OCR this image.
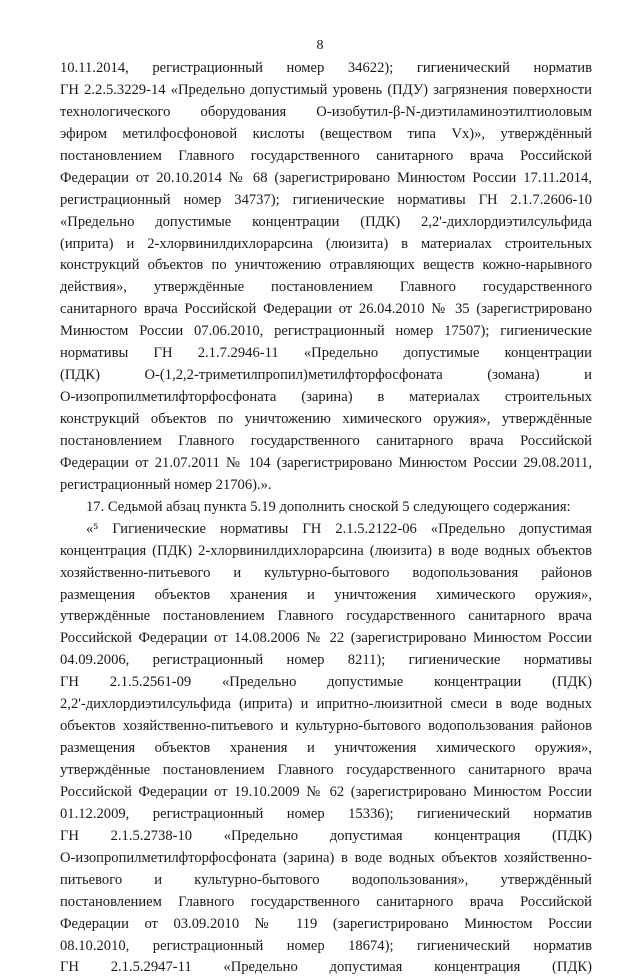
8
10.11.2014, регистрационный номер 34622); гигиенический норматив
ГН 2.2.5.3229-14 «Предельно допустимый уровень (ПДУ) загрязнения поверхности
технологического оборудования О-изобутил-β-N-диэтиламиноэтилтиоловым
эфиром метилфосфоновой кислоты (веществом типа Vx)», утверждённый
постановлением Главного государственного санитарного врача Российской
Федерации от 20.10.2014 № 68 (зарегистрировано Минюстом России 17.11.2014,
регистрационный номер 34737); гигиенические нормативы ГН 2.1.7.2606-10
«Предельно допустимые концентрации (ПДК) 2,2'-дихлордиэтилсульфида
(иприта) и 2-хлорвинилдихлорарсина (люизита) в материалах строительных
конструкций объектов по уничтожению отравляющих веществ кожно-нарывного
действия», утверждённые постановлением Главного государственного
санитарного врача Российской Федерации от 26.04.2010 № 35 (зарегистрировано
Минюстом России 07.06.2010, регистрационный номер 17507); гигиенические
нормативы ГН 2.1.7.2946-11 «Предельно допустимые концентрации
(ПДК) О-(1,2,2-триметилпропил)метилфторфосфоната (зомана) и
О-изопропилметилфторфосфоната (зарина) в материалах строительных
конструкций объектов по уничтожению химического оружия», утверждённые
постановлением Главного государственного санитарного врача Российской
Федерации от 21.07.2011 № 104 (зарегистрировано Минюстом России 29.08.2011,
регистрационный номер 21706).».
17. Седьмой абзац пункта 5.19 дополнить сноской 5 следующего содержания:
«⁵ Гигиенические нормативы ГН 2.1.5.2122-06 «Предельно допустимая
концентрация (ПДК) 2-хлорвинилдихлорарсина (люизита) в воде водных объектов
хозяйственно-питьевого и культурно-бытового водопользования районов
размещения объектов хранения и уничтожения химического оружия»,
утверждённые постановлением Главного государственного санитарного врача
Российской Федерации от 14.08.2006 № 22 (зарегистрировано Минюстом России
04.09.2006, регистрационный номер 8211); гигиенические нормативы
ГН 2.1.5.2561-09 «Предельно допустимые концентрации (ПДК)
2,2'-дихлордиэтилсульфида (иприта) и ипритно-люизитной смеси в воде водных
объектов хозяйственно-питьевого и культурно-бытового водопользования районов
размещения объектов хранения и уничтожения химического оружия»,
утверждённые постановлением Главного государственного санитарного врача
Российской Федерации от 19.10.2009 № 62 (зарегистрировано Минюстом России
01.12.2009, регистрационный номер 15336); гигиенический норматив
ГН 2.1.5.2738-10 «Предельно допустимая концентрация (ПДК)
О-изопропилметилфторфосфоната (зарина) в воде водных объектов хозяйственно-
питьевого и культурно-бытового водопользования», утверждённый
постановлением Главного государственного санитарного врача Российской
Федерации от 03.09.2010 № 119 (зарегистрировано Минюстом России
08.10.2010, регистрационный номер 18674); гигиенический норматив
ГН 2.1.5.2947-11 «Предельно допустимая концентрация (ПДК)
